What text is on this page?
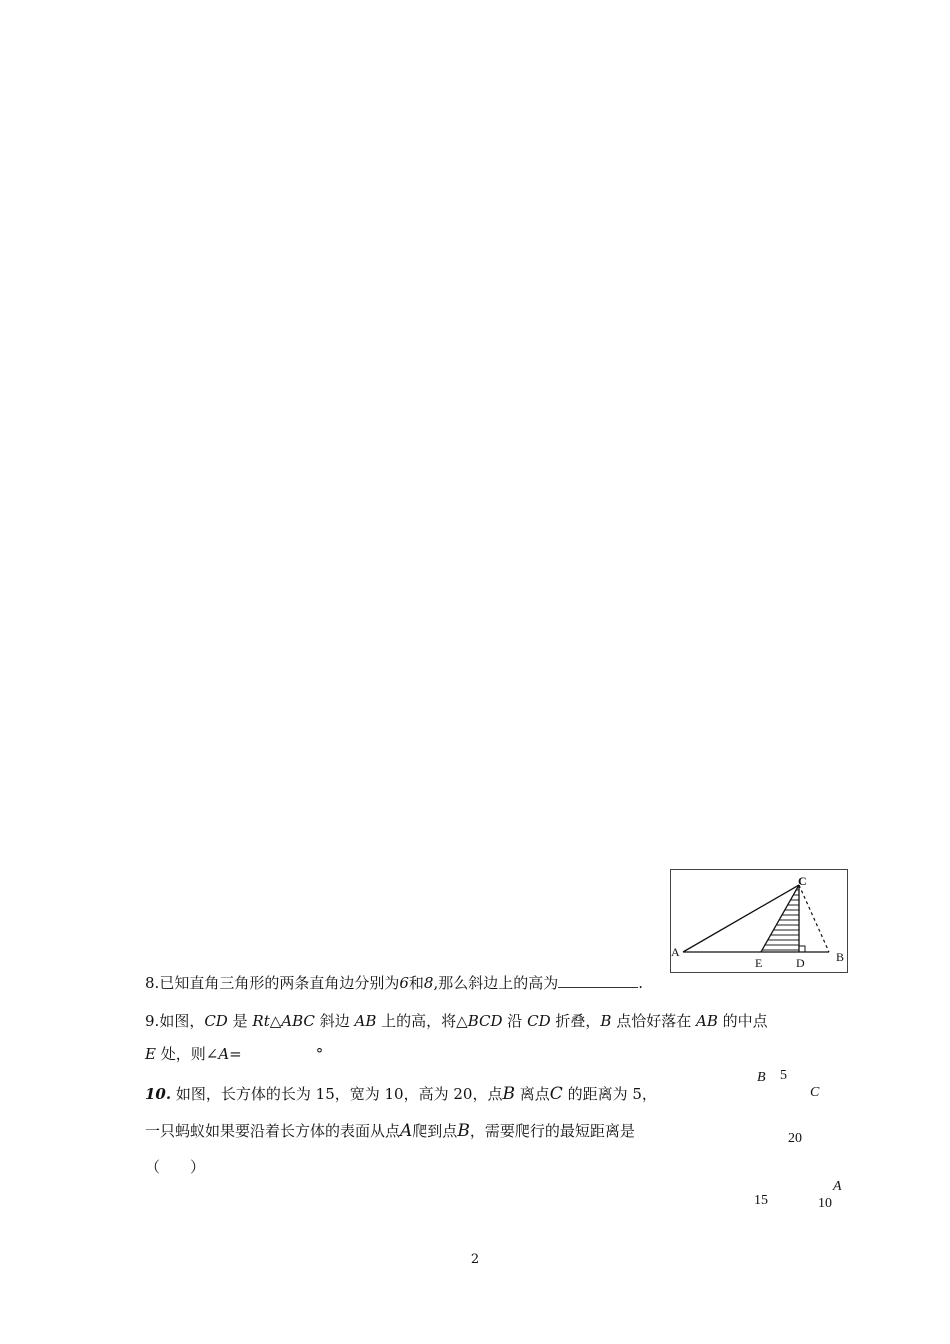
C
A
E	D	B
8.已知直角三角形的两条直角边分别为6和8,那么斜边上的高为	.
9.如图，CD 是 Rt△ABC 斜边 AB 上的高，将△BCD 沿 CD 折叠，B 点恰好落在 AB 的中点
E 处，则∠A=	°
10. 如图，长方体的长为 15，宽为 10，高为 20，点B 离点C 的距离为 5，
一只蚂蚁如果要沿着长方体的表面从点A爬到点B，需要爬行的最短距离是
（　　）
B 5
C
20
A
15	10
2
